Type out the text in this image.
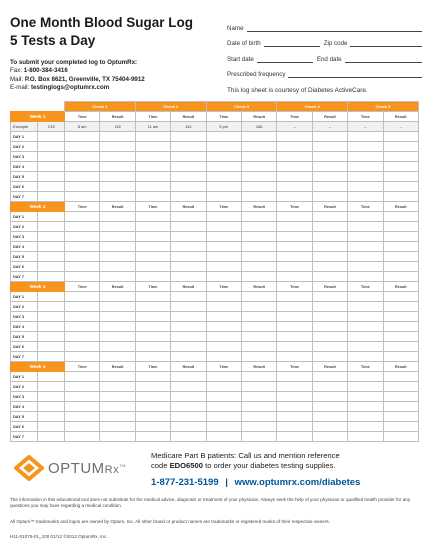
One Month Blood Sugar Log
5 Tests a Day
To submit your completed log to OptumRx:
Fax: 1-800-384-3416
Mail: P.O. Box 8621, Greenville, TX 75404-9912
E-mail: testinglogs@optumrx.com
Name
Date of birth	Zip code
Start date	End date
Prescribed frequency
This log sheet is courtesy of Diabetes ActiveCare.
		Check 1		Check 2		Check 3		Check 4		Check 5	
Week 1		Time	Result	Time	Result	Time	Result	Time	Result	Time	Result
Example	7/15	8 am	118	11 am	141	5 pm	166	--	--	--	--
DAY 1											
DAY 2											
DAY 3											
DAY 4											
DAY 5											
DAY 6											
DAY 7											
Week 2		Time	Result	Time	Result	Time	Result	Time	Result	Time	Result
DAY 1											
DAY 2											
DAY 3											
DAY 4											
DAY 5											
DAY 6											
DAY 7											
Week 3		Time	Result	Time	Result	Time	Result	Time	Result	Time	Result
DAY 1											
DAY 2											
DAY 3											
DAY 4											
DAY 5											
DAY 6											
DAY 7											
Week 4		Time	Result	Time	Result	Time	Result	Time	Result	Time	Result
DAY 1											
DAY 2											
DAY 3											
DAY 4											
DAY 5											
DAY 6											
DAY 7											
OPTUMRx™
Medicare Part B patients: Call us and mention reference
code EDO6500 to order your diabetes testing supplies.
1-877-231-5199 | www.optumrx.com/diabetes
The information in this educational tool does not substitute for the medical advice, diagnosis or treatment of your physician. Always seek the help of your physician or qualified health provider for any questions you may have regarding a medical condition.
All Optum™ trademarks and logos are owned by Optum, Inc. All other brand or product names are trademarks or registered marks of their respective owners.
H11-01076-01_100 01/12 ©2012 OptumRx, Inc.
